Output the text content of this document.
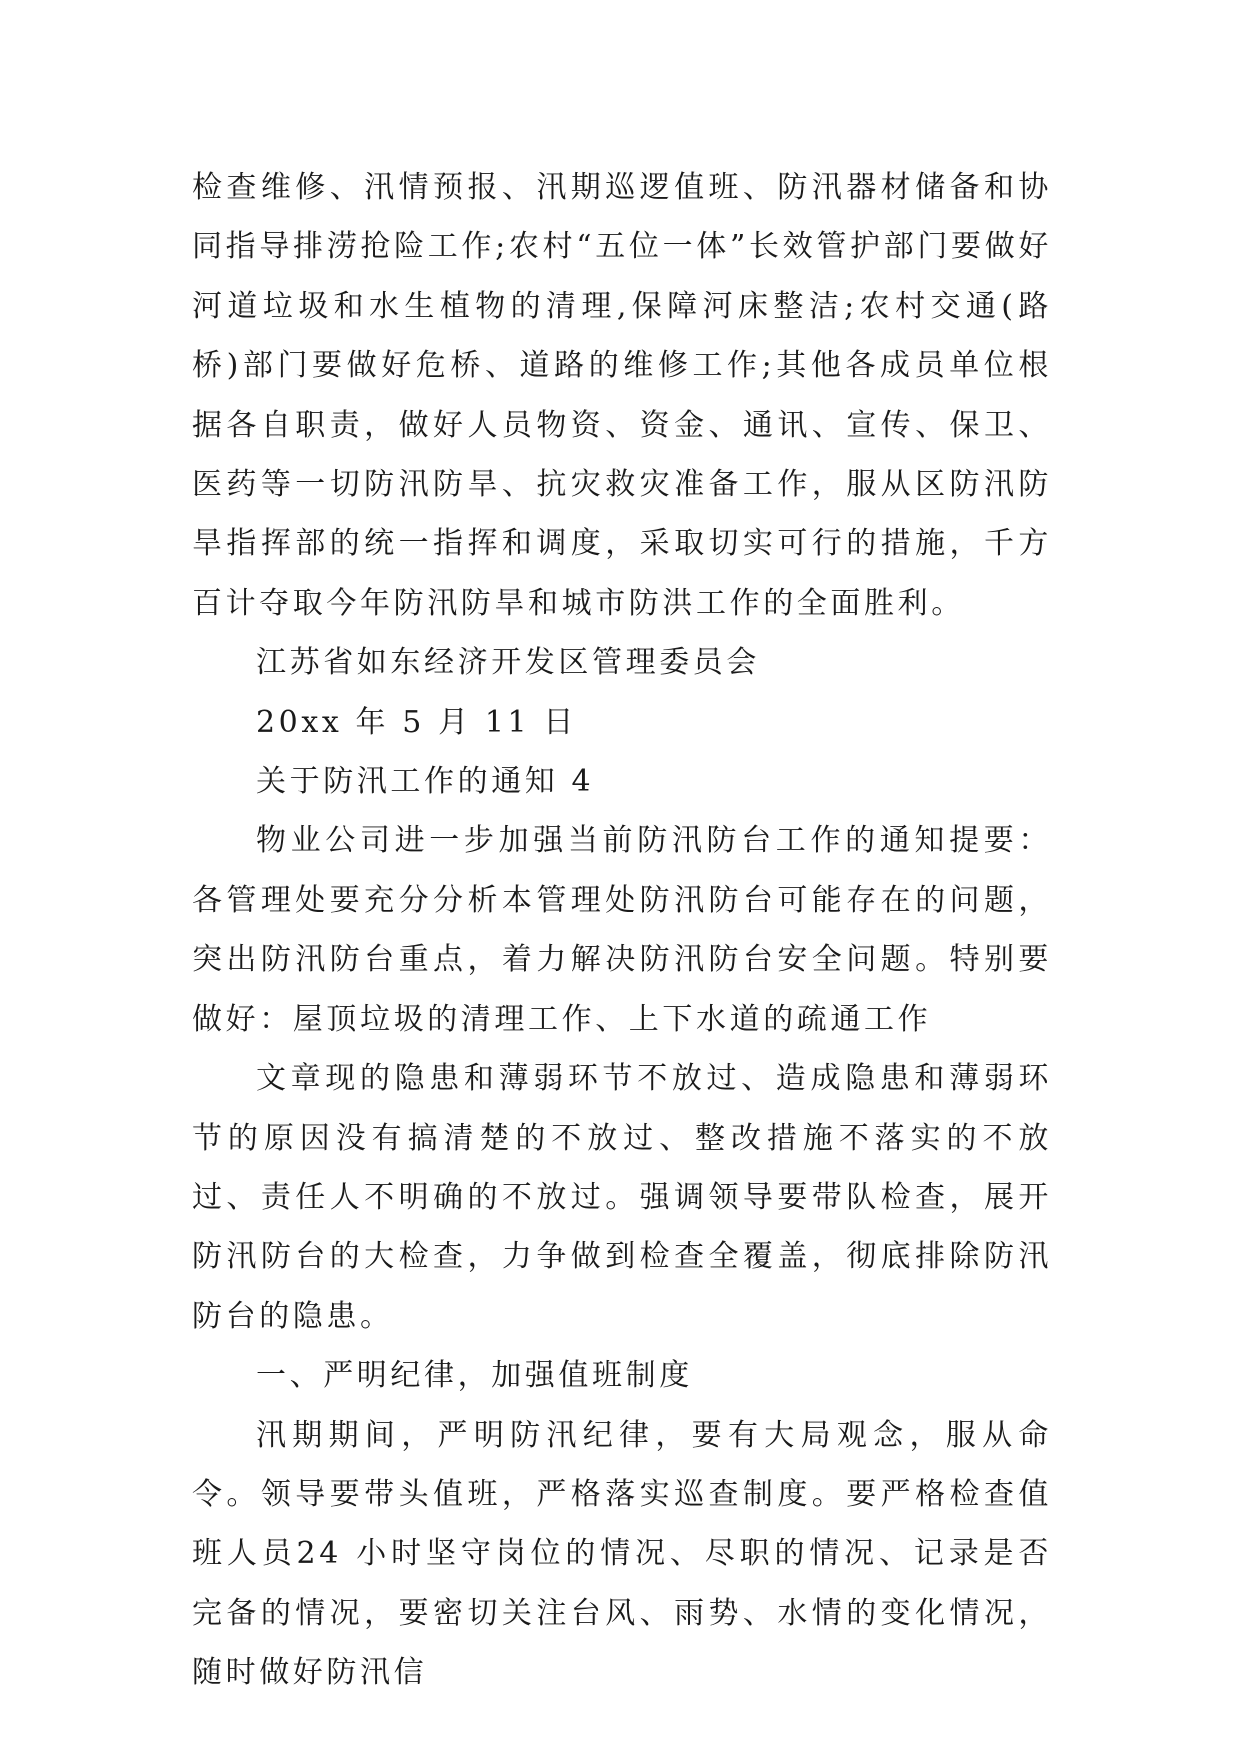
检查维修、汛情预报、汛期巡逻值班、防汛器材储备和协同指导排涝抢险工作;农村“五位一体”长效管护部门要做好河道垃圾和水生植物的清理,保障河床整洁;农村交通(路桥)部门要做好危桥、道路的维修工作;其他各成员单位根据各自职责，做好人员物资、资金、通讯、宣传、保卫、医药等一切防汛防旱、抗灾救灾准备工作，服从区防汛防旱指挥部的统一指挥和调度，采取切实可行的措施，千方百计夺取今年防汛防旱和城市防洪工作的全面胜利。

江苏省如东经济开发区管理委员会

20xx 年 5 月 11 日

关于防汛工作的通知 4

物业公司进一步加强当前防汛防台工作的通知提要：各管理处要充分分析本管理处防汛防台可能存在的问题，突出防汛防台重点，着力解决防汛防台安全问题。特别要做好：屋顶垃圾的清理工作、上下水道的疏通工作

文章现的隐患和薄弱环节不放过、造成隐患和薄弱环节的原因没有搞清楚的不放过、整改措施不落实的不放过、责任人不明确的不放过。强调领导要带队检查，展开防汛防台的大检查，力争做到检查全覆盖，彻底排除防汛防台的隐患。

一、严明纪律，加强值班制度

汛期期间，严明防汛纪律，要有大局观念，服从命令。领导要带头值班，严格落实巡查制度。要严格检查值班人员24 小时坚守岗位的情况、尽职的情况、记录是否完备的情况，要密切关注台风、雨势、水情的变化情况，随时做好防汛信
